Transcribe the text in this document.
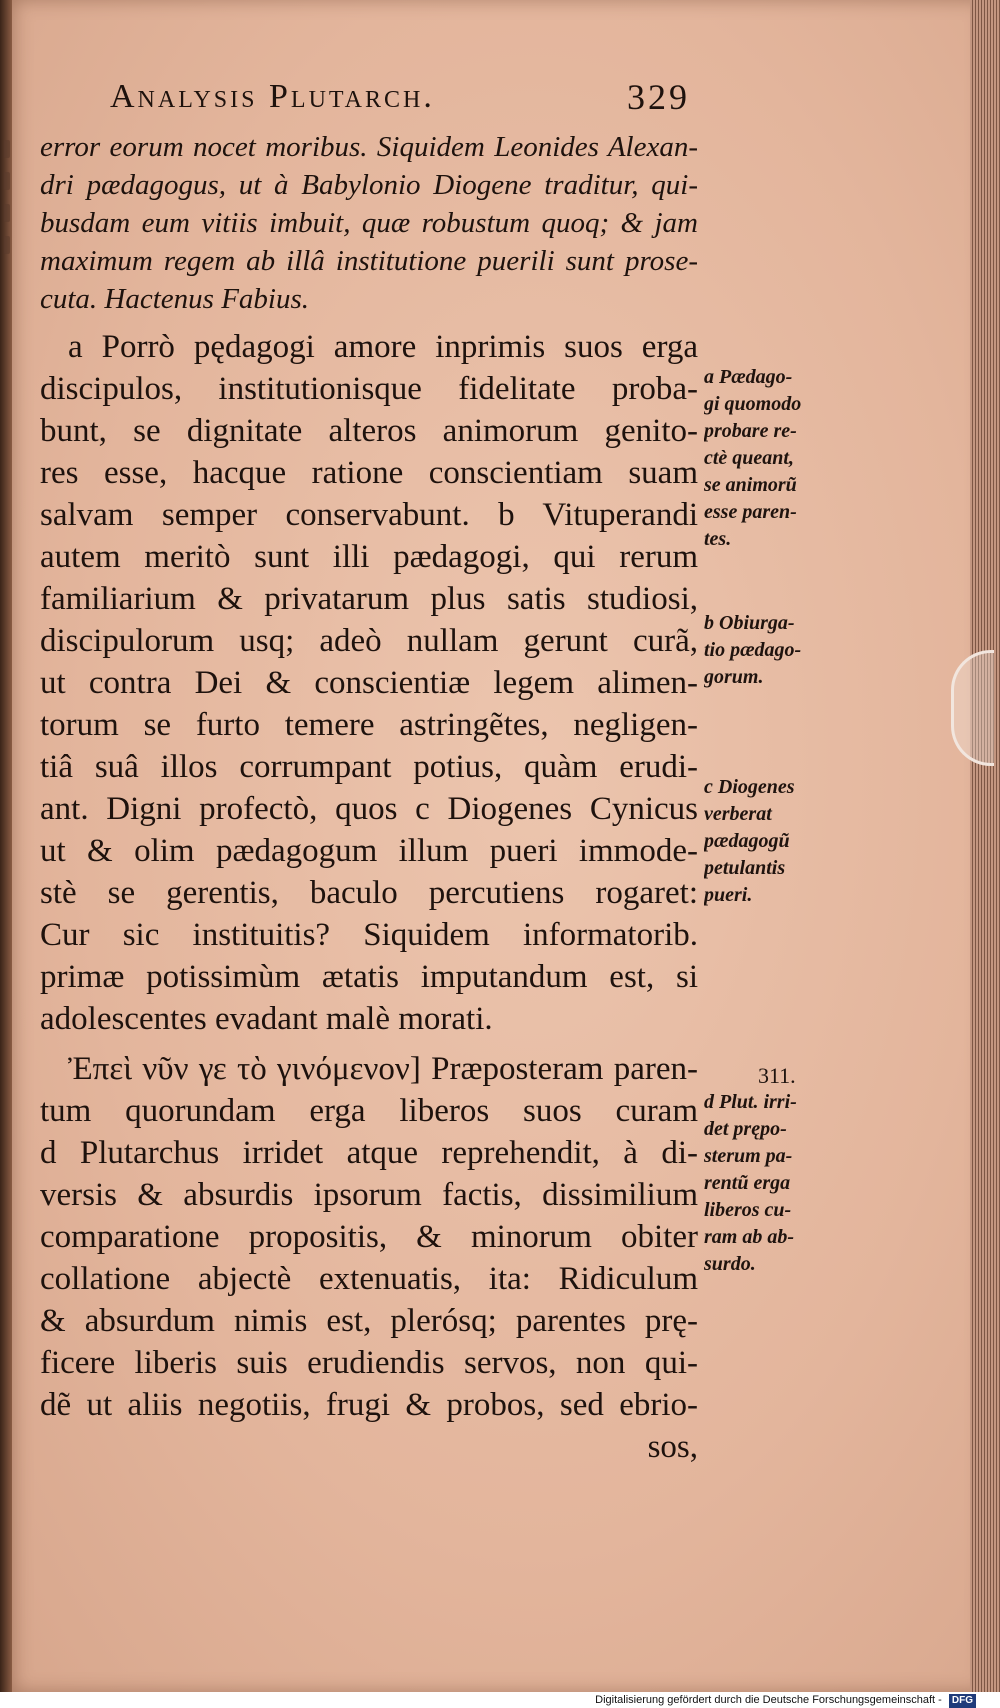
Analysis Plutarch.	329
error eorum nocet moribus. Siquidem Leonides Alexan-
dri pædagogus, ut à Babylonio Diogene traditur, qui-
busdam eum vitiis imbuit, quæ robustum quoq; & jam
maximum regem ab illâ institutione puerili sunt prose-
cuta. Hactenus Fabius.
a Porrò pędagogi amore inprimis suos erga
discipulos, institutionisque fidelitate proba-
bunt, se dignitate alteros animorum genito-
res esse, hacque ratione conscientiam suam
salvam semper conservabunt. b Vituperandi
autem meritò sunt illi pædagogi, qui rerum
familiarium & privatarum plus satis studiosi,
discipulorum usq; adeò nullam gerunt curã,
ut contra Dei & conscientiæ legem alimen-
torum se furto temere astringẽtes, negligen-
tiâ suâ illos corrumpant potius, quàm erudi-
ant. Digni profectò, quos c Diogenes Cynicus
ut & olim pædagogum illum pueri immode-
stè se gerentis, baculo percutiens rogaret:
Cur sic instituitis? Siquidem informatorib.
primæ potissimùm ætatis imputandum est, si
adolescentes evadant malè morati.
Ἐπεὶ νῦν γε τὸ γινόμενον] Præposteram paren-
tum quorundam erga liberos suos curam
d Plutarchus irridet atque reprehendit, à di-
versis & absurdis ipsorum factis, dissimilium
comparatione propositis, & minorum obiter
collatione abjectè extenuatis, ita: Ridiculum
& absurdum nimis est, plerósq; parentes prę-
ficere liberis suis erudiendis servos, non qui-
dẽ ut aliis negotiis, frugi & probos, sed ebrio-
sos,
a Pædago-
gi quomodo
probare re-
ctè queant,
se animorũ
esse paren-
tes.
b Obiurga-
tio pædago-
gorum.
c Diogenes
verberat
pædagogũ
petulantis
pueri.
311.
d Plut. irri-
det prępo-
sterum pa-
rentũ erga
liberos cu-
ram ab ab-
surdo.
Digitalisierung gefördert durch die Deutsche Forschungsgemeinschaft - DFG
